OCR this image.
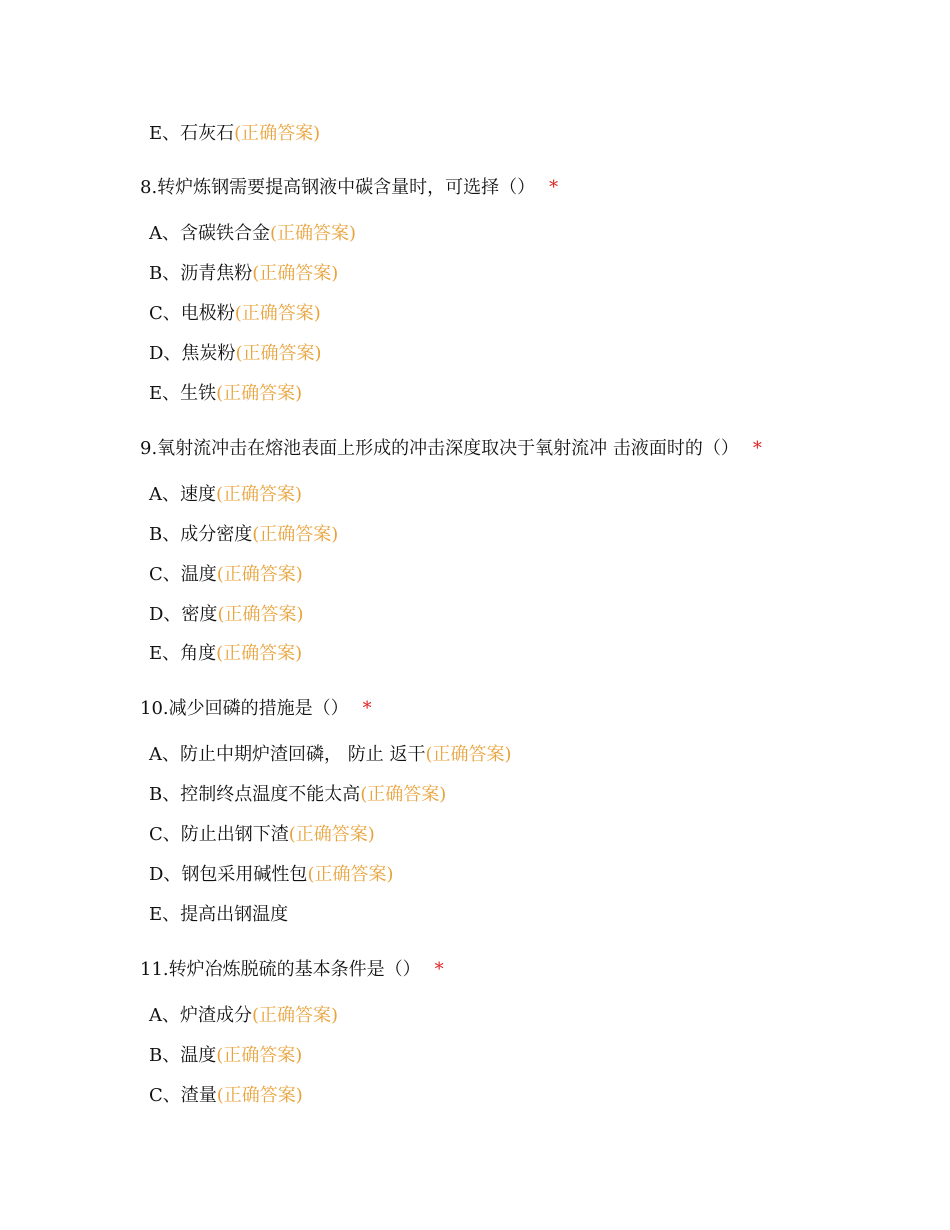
E、石灰石(正确答案)
8.转炉炼钢需要提高钢液中碳含量时，可选择（） *
A、含碳铁合金(正确答案)
B、沥青焦粉(正确答案)
C、电极粉(正确答案)
D、焦炭粉(正确答案)
E、生铁(正确答案)
9.氧射流冲击在熔池表面上形成的冲击深度取决于氧射流冲 击液面时的（） *
A、速度(正确答案)
B、成分密度(正确答案)
C、温度(正确答案)
D、密度(正确答案)
E、角度(正确答案)
10.减少回磷的措施是（） *
A、防止中期炉渣回磷， 防止 返干(正确答案)
B、控制终点温度不能太高(正确答案)
C、防止出钢下渣(正确答案)
D、钢包采用碱性包(正确答案)
E、提高出钢温度
11.转炉冶炼脱硫的基本条件是（） *
A、炉渣成分(正确答案)
B、温度(正确答案)
C、渣量(正确答案)
